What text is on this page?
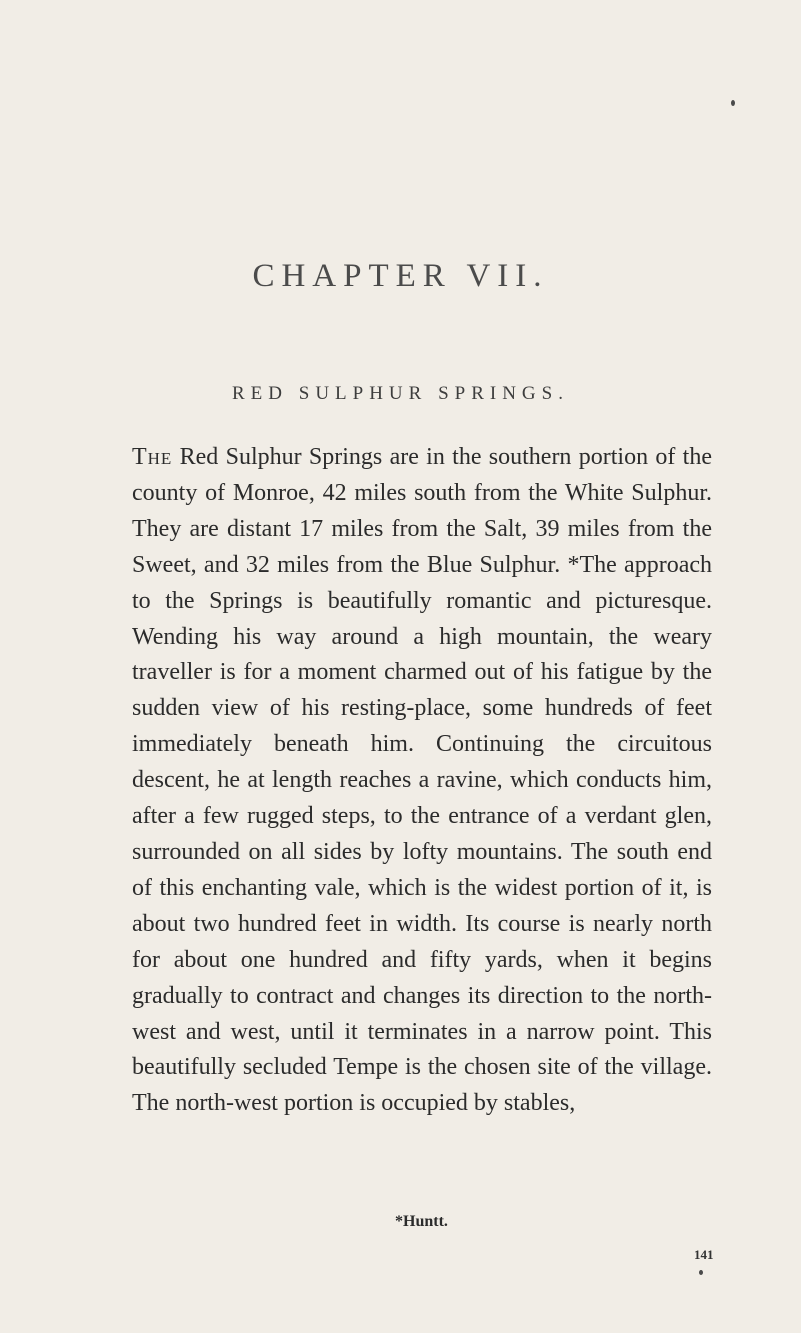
CHAPTER VII.
RED SULPHUR SPRINGS.
The Red Sulphur Springs are in the southern portion of the county of Monroe, 42 miles south from the White Sulphur. They are distant 17 miles from the Salt, 39 miles from the Sweet, and 32 miles from the Blue Sulphur. *The approach to the Springs is beautifully romantic and picturesque. Wending his way around a high mountain, the weary traveller is for a moment charmed out of his fatigue by the sudden view of his resting-place, some hundreds of feet immediately beneath him. Continuing the circuitous descent, he at length reaches a ravine, which conducts him, after a few rugged steps, to the entrance of a verdant glen, surrounded on all sides by lofty mountains. The south end of this enchanting vale, which is the widest portion of it, is about two hundred feet in width. Its course is nearly north for about one hundred and fifty yards, when it begins gradually to contract and changes its direction to the north-west and west, until it terminates in a narrow point. This beautifully secluded Tempe is the chosen site of the village. The north-west portion is occupied by stables,
*Huntt.
141
